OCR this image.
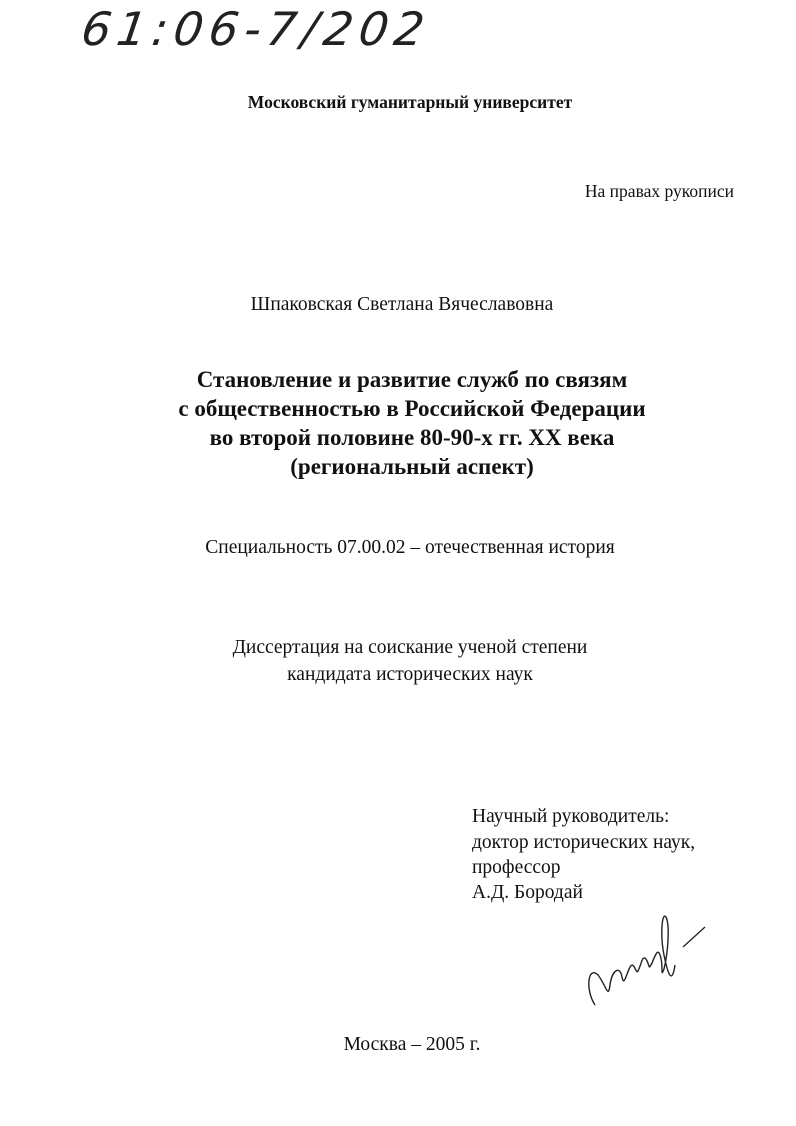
61:06-7/202
Московский гуманитарный университет
На правах рукописи
Шпаковская Светлана Вячеславовна
Становление и развитие служб по связям
с общественностью в Российской Федерации
во второй половине 80-90-х гг. XX века
(региональный аспект)
Специальность 07.00.02 – отечественная история
Диссертация на соискание ученой степени
кандидата исторических наук
Научный руководитель:
доктор исторических наук,
профессор
А.Д. Бородай
Москва – 2005 г.
